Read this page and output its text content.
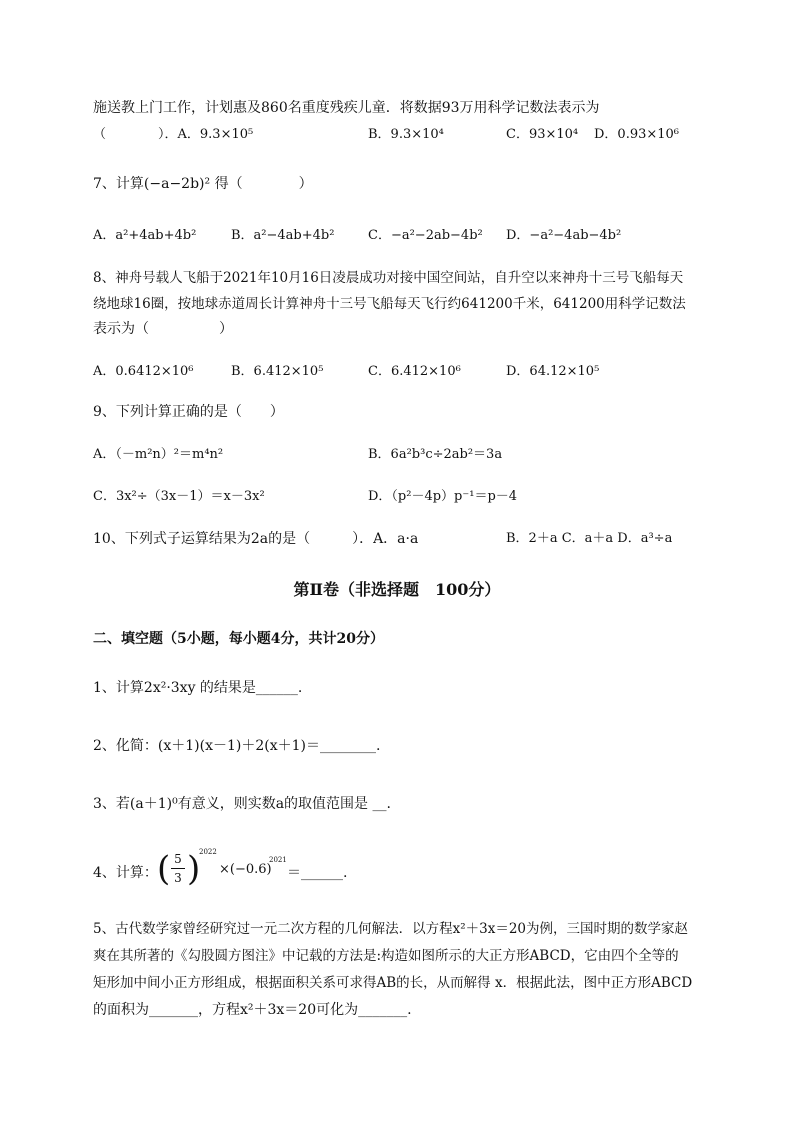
施送教上门工作，计划惠及860名重度残疾儿童．将数据93万用科学记数法表示为
（　　　　）．A．9.3×10⁵	B．9.3×10⁴	C．93×10⁴ D．0.93×10⁶
7、计算(−a−2b)² 得（　　　　）
A．a²+4ab+4b²	B．a²−4ab+4b²	C．−a²−2ab−4b² D．−a²−4ab−4b²
8、神舟号载人飞船于2021年10月16日凌晨成功对接中国空间站，自升空以来神舟十三号飞船每天
绕地球16圈，按地球赤道周长计算神舟十三号飞船每天飞行约641200千米，641200用科学记数法
表示为（　　　　　）
A．0.6412×10⁶	B．6.412×10⁵	C．6.412×10⁶	D．64.12×10⁵
9、下列计算正确的是（　　）
A．（－m²n）²＝m⁴n²	B．6a²b³c÷2ab²＝3a
C．3x²÷（3x－1）＝x－3x²	D．（p²－4p）p⁻¹＝p－4
10、下列式子运算结果为2a的是（　　　）．A．a·a	B．2＋a C．a＋a D．a³÷a
第Ⅱ卷（非选择题　100分）
二、填空题（5小题，每小题4分，共计20分）
1、计算2x²·3xy 的结果是______.
2、化简：(x＋1)(x－1)＋2(x＋1)＝________.
3、若(a＋1)⁰有意义，则实数a的取值范围是 __.
4、计算： ( 5
3 )
2022
×(−0.6)
2021
＝______.
5、古代数学家曾经研究过一元二次方程的几何解法．以方程x²＋3x＝20为例，三国时期的数学家赵
爽在其所著的《勾股圆方图注》中记载的方法是:构造如图所示的大正方形ABCD，它由四个全等的
矩形加中间小正方形组成，根据面积关系可求得AB的长，从而解得 x．根据此法，图中正方形ABCD
的面积为_______，方程x²＋3x＝20可化为_______.
